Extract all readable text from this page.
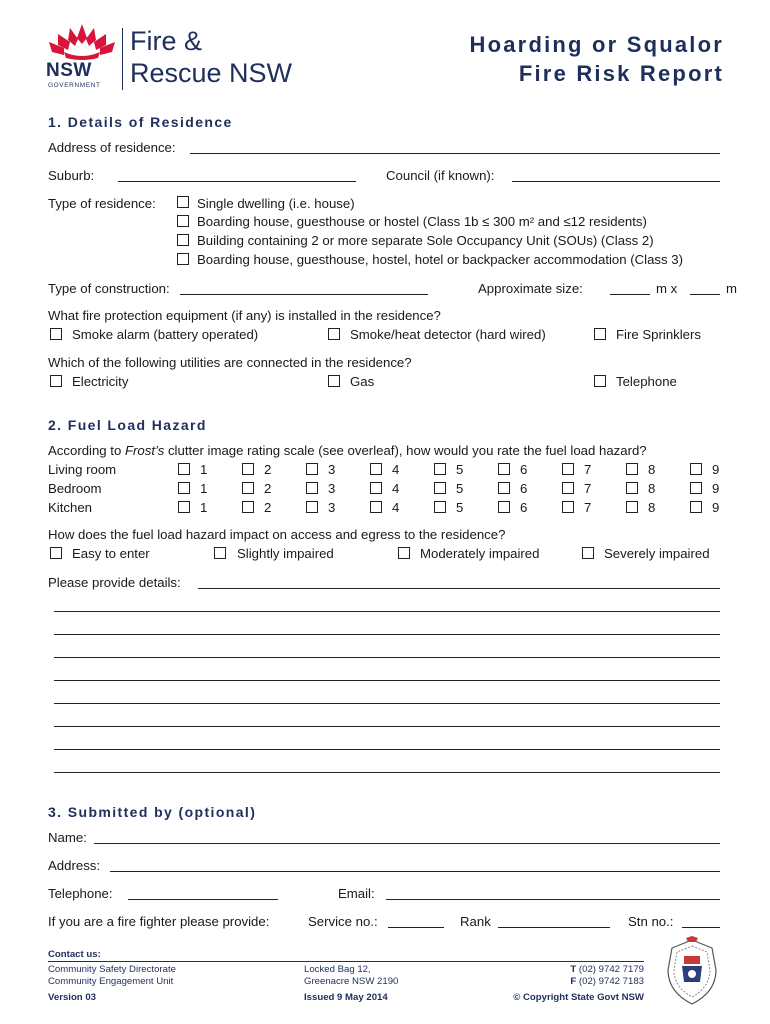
NSW
GOVERNMENT
Fire &
Rescue NSW
Hoarding or Squalor
Fire Risk Report
1. Details of Residence
Address of residence:
Suburb:	Council (if known):
Type of residence:	Single dwelling (i.e. house)
Boarding house, guesthouse or hostel (Class 1b ≤ 300 m² and ≤12 residents)
Building containing 2 or more separate Sole Occupancy Unit (SOUs) (Class 2)
Boarding house, guesthouse, hostel, hotel or backpacker accommodation (Class 3)
Type of construction:	Approximate size:	m x	m
What fire protection equipment (if any) is installed in the residence?
Smoke alarm (battery operated)	Smoke/heat detector (hard wired)	Fire Sprinklers
Which of the following utilities are connected in the residence?
Electricity	Gas	Telephone
2. Fuel Load Hazard
According to Frost’s clutter image rating scale (see overleaf), how would you rate the fuel load hazard?
Living room	1	2	3	4	5	6	7	8	9
Bedroom	1	2	3	4	5	6	7	8	9
Kitchen	1	2	3	4	5	6	7	8	9
How does the fuel load hazard impact on access and egress to the residence?
Easy to enter	Slightly impaired	Moderately impaired	Severely impaired
Please provide details:
3. Submitted by (optional)
Name:
Address:
Telephone:	Email:
If you are a fire fighter please provide:	Service no.:	Rank	Stn no.:
Contact us:
Community Safety Directorate
Community Engagement Unit
Locked Bag 12,
Greenacre NSW 2190
T (02) 9742 7179
F (02) 9742 7183
Version 03	Issued 9 May 2014	© Copyright State Govt NSW
